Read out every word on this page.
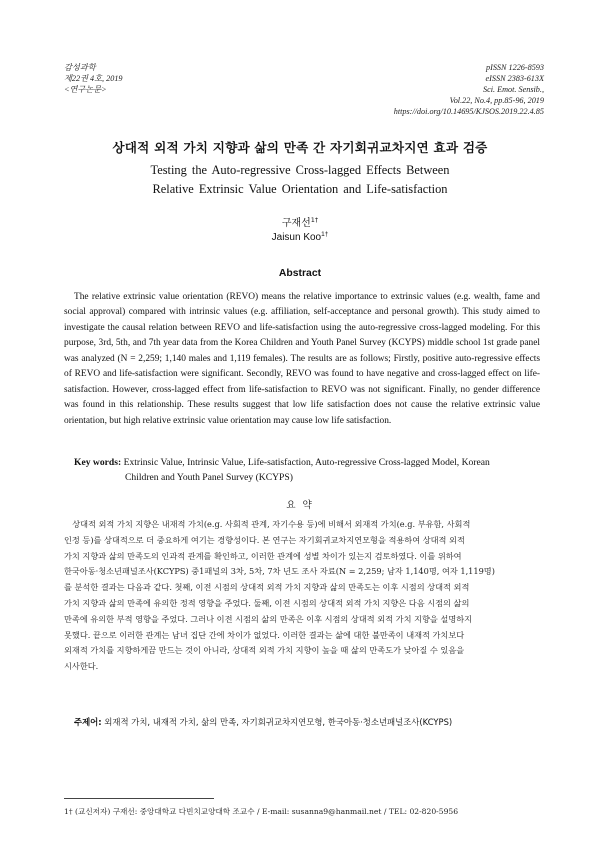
감성과학
제22권 4호, 2019
<연구논문>
pISSN 1226-8593
eISSN 2383-613X
Sci. Emot. Sensib.,
Vol.22, No.4, pp.85-96, 2019
https://doi.org/10.14695/KJSOS.2019.22.4.85
상대적 외적 가치 지향과 삶의 만족 간 자기회귀교차지연 효과 검증
Testing the Auto-regressive Cross-lagged Effects Between
Relative Extrinsic Value Orientation and Life-satisfaction
구재선$^{1\dagger}$
Jaisun Koo$^{1\dagger}$
Abstract
The relative extrinsic value orientation (REVO) means the relative importance to extrinsic values (e.g. wealth, fame and social approval) compared with intrinsic values (e.g. affiliation, self-acceptance and personal growth). This study aimed to investigate the causal relation between REVO and life-satisfaction using the auto-regressive cross-lagged modeling. For this purpose, 3rd, 5th, and 7th year data from the Korea Children and Youth Panel Survey (KCYPS) middle school 1st grade panel was analyzed (N = 2,259; 1,140 males and 1,119 females). The results are as follows; Firstly, positive auto-regressive effects of REVO and life-satisfaction were significant. Secondly, REVO was found to have negative and cross-lagged effect on life-satisfaction. However, cross-lagged effect from life-satisfaction to REVO was not significant. Finally, no gender difference was found in this relationship. These results suggest that low life satisfaction does not cause the relative extrinsic value orientation, but high relative extrinsic value orientation may cause low life satisfaction.
Key words: Extrinsic Value, Intrinsic Value, Life-satisfaction, Auto-regressive Cross-lagged Model, Korean
Children and Youth Panel Survey (KCYPS)
요 약
　상대적 외적 가치 지향은 내재적 가치(e.g. 사회적 관계, 자기수용 등)에 비해서 외재적 가치(e.g. 부유함, 사회적
인정 등)를 상대적으로 더 중요하게 여기는 경향성이다. 본 연구는 자기회귀교차지연모형을 적용하여 상대적 외적
가치 지향과 삶의 만족도의 인과적 관계를 확인하고, 이러한 관계에 성별 차이가 있는지 검토하였다. 이를 위하여
한국아동·청소년패널조사(KCYPS) 중1패널의 3차, 5차, 7차 년도 조사 자료(N = 2,259; 남자 1,140명, 여자 1,119명)
를 분석한 결과는 다음과 같다. 첫째, 이전 시점의 상대적 외적 가치 지향과 삶의 만족도는 이후 시점의 상대적 외적
가치 지향과 삶의 만족에 유의한 정적 영향을 주었다. 둘째, 이전 시점의 상대적 외적 가치 지향은 다음 시점의 삶의
만족에 유의한 부적 영향을 주었다. 그러나 이전 시점의 삶의 만족은 이후 시점의 상대적 외적 가치 지향을 설명하지
못했다. 끝으로 이러한 관계는 남녀 집단 간에 차이가 없었다. 이러한 결과는 삶에 대한 불만족이 내재적 가치보다
외재적 가치를 지향하게끔 만드는 것이 아니라, 상대적 외적 가치 지향이 높을 때 삶의 만족도가 낮아질 수 있음을
시사한다.
주제어: 외재적 가치, 내재적 가치, 삶의 만족, 자기회귀교차지연모형, 한국아동·청소년패널조사(KCYPS)
1† (교신저자) 구재선: 중앙대학교 다빈치교양대학 조교수 / E-mail: susanna9@hanmail.net / TEL: 02-820-5956
